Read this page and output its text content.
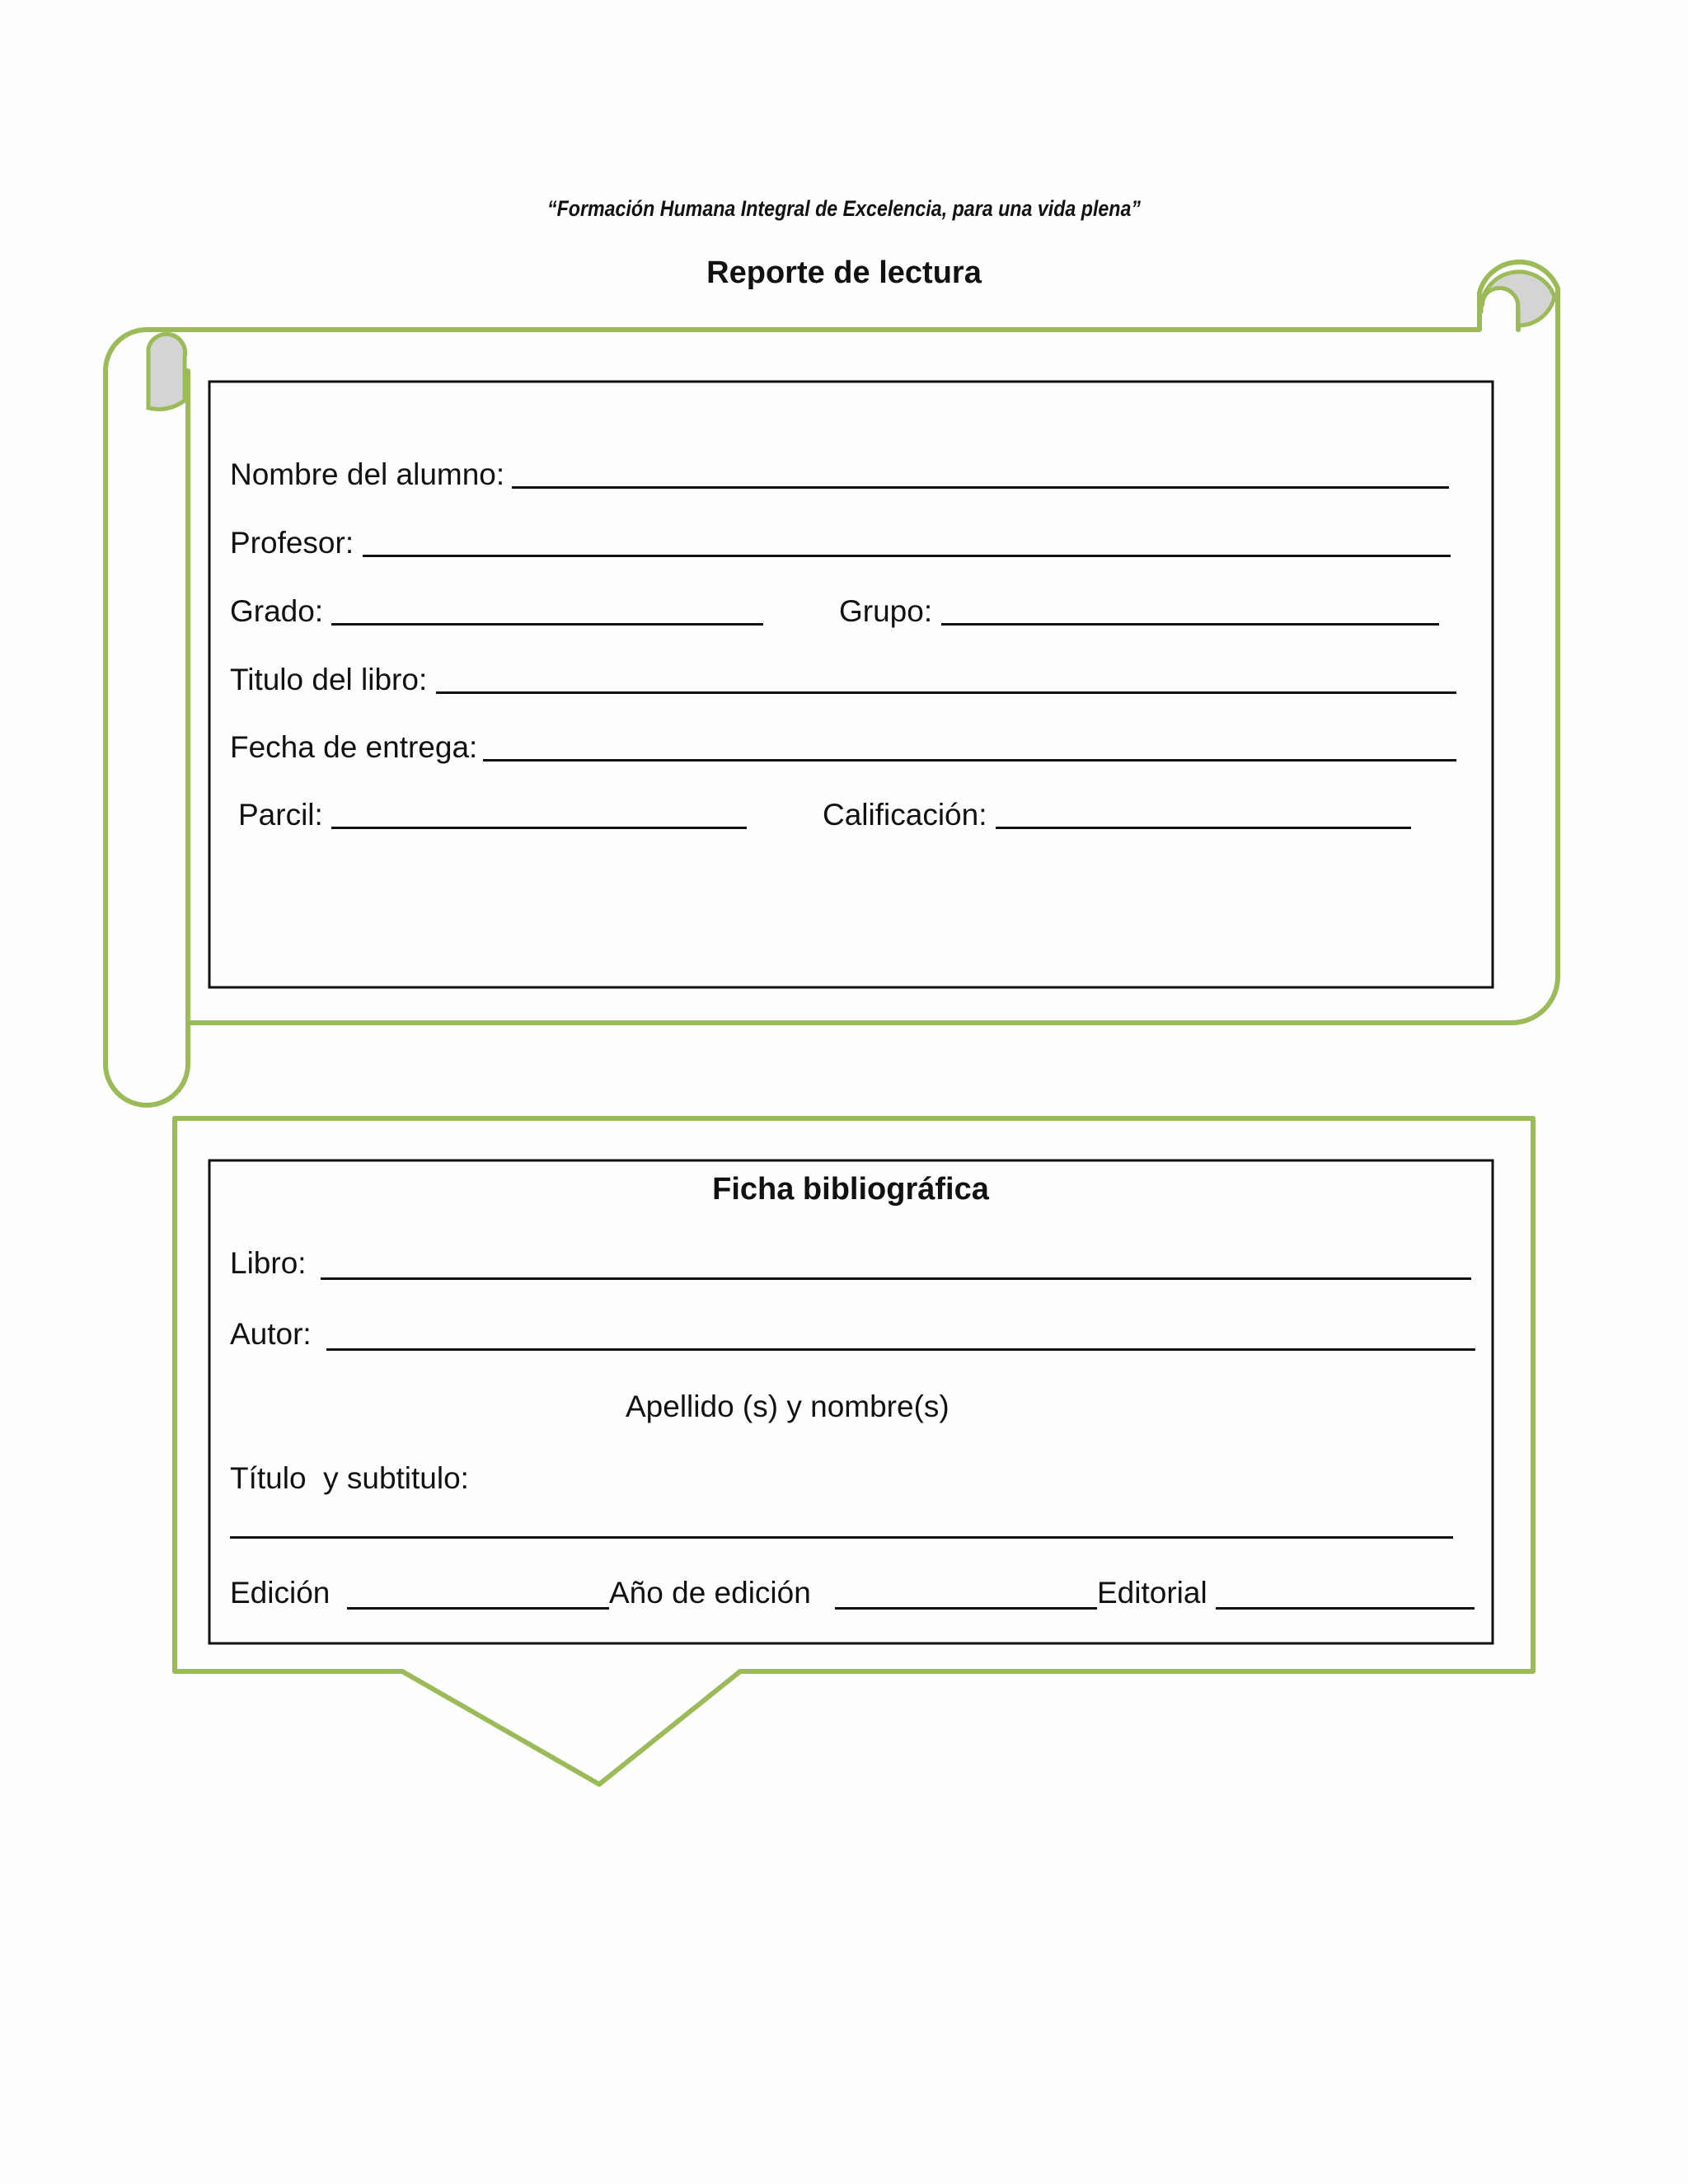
“Formación Humana Integral de Excelencia, para una vida plena”
Reporte de lectura
Nombre del alumno:
Profesor:
Grado:	Grupo:
Titulo del libro:
Fecha de entrega:
Parcil:	Calificación:
Ficha bibliográfica
Libro:
Autor:
Apellido (s) y nombre(s)
Título  y subtitulo:
Edición	Año de edición	Editorial
